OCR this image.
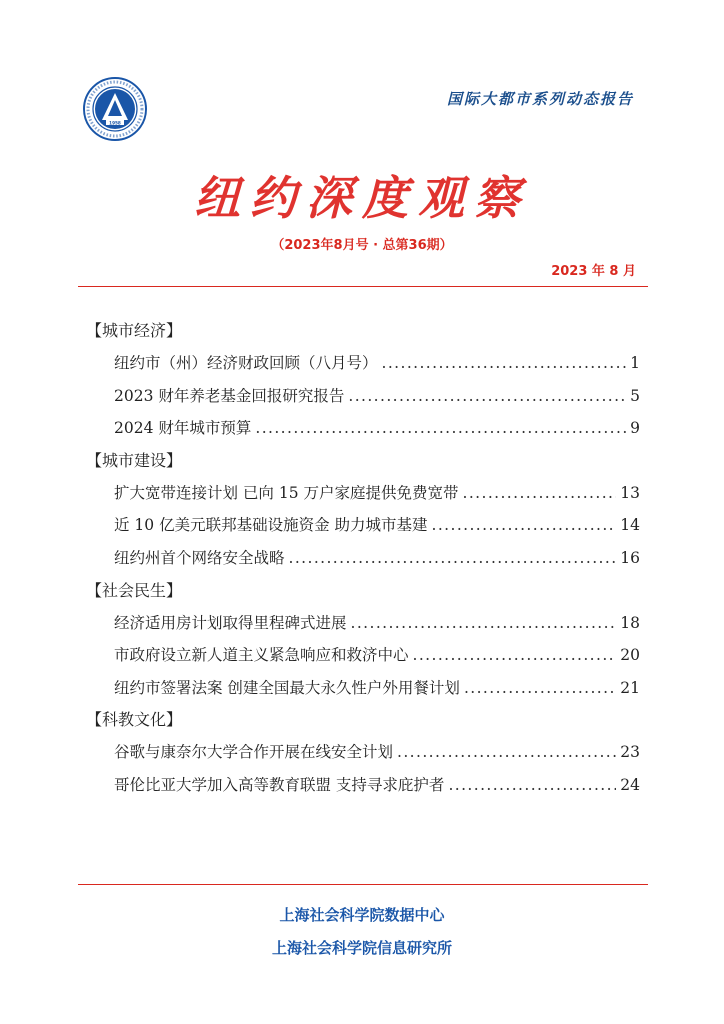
1958
国际大都市系列动态报告
纽约深度观察
（2023年8月号 · 总第36期）
2023 年 8 月
【城市经济】
纽约市（州）经济财政回顾（八月号） .....	1
2023 财年养老基金回报研究报告 .....	5
2024 财年城市预算 .....	9
【城市建设】
扩大宽带连接计划 已向 15 万户家庭提供免费宽带 .....	13
近 10 亿美元联邦基础设施资金 助力城市基建 .....	14
纽约州首个网络安全战略 .....	16
【社会民生】
经济适用房计划取得里程碑式进展 .....	18
市政府设立新人道主义紧急响应和救济中心 .....	20
纽约市签署法案 创建全国最大永久性户外用餐计划 .....	21
【科教文化】
谷歌与康奈尔大学合作开展在线安全计划 .....	23
哥伦比亚大学加入高等教育联盟 支持寻求庇护者 .....	24
上海社会科学院数据中心
上海社会科学院信息研究所
